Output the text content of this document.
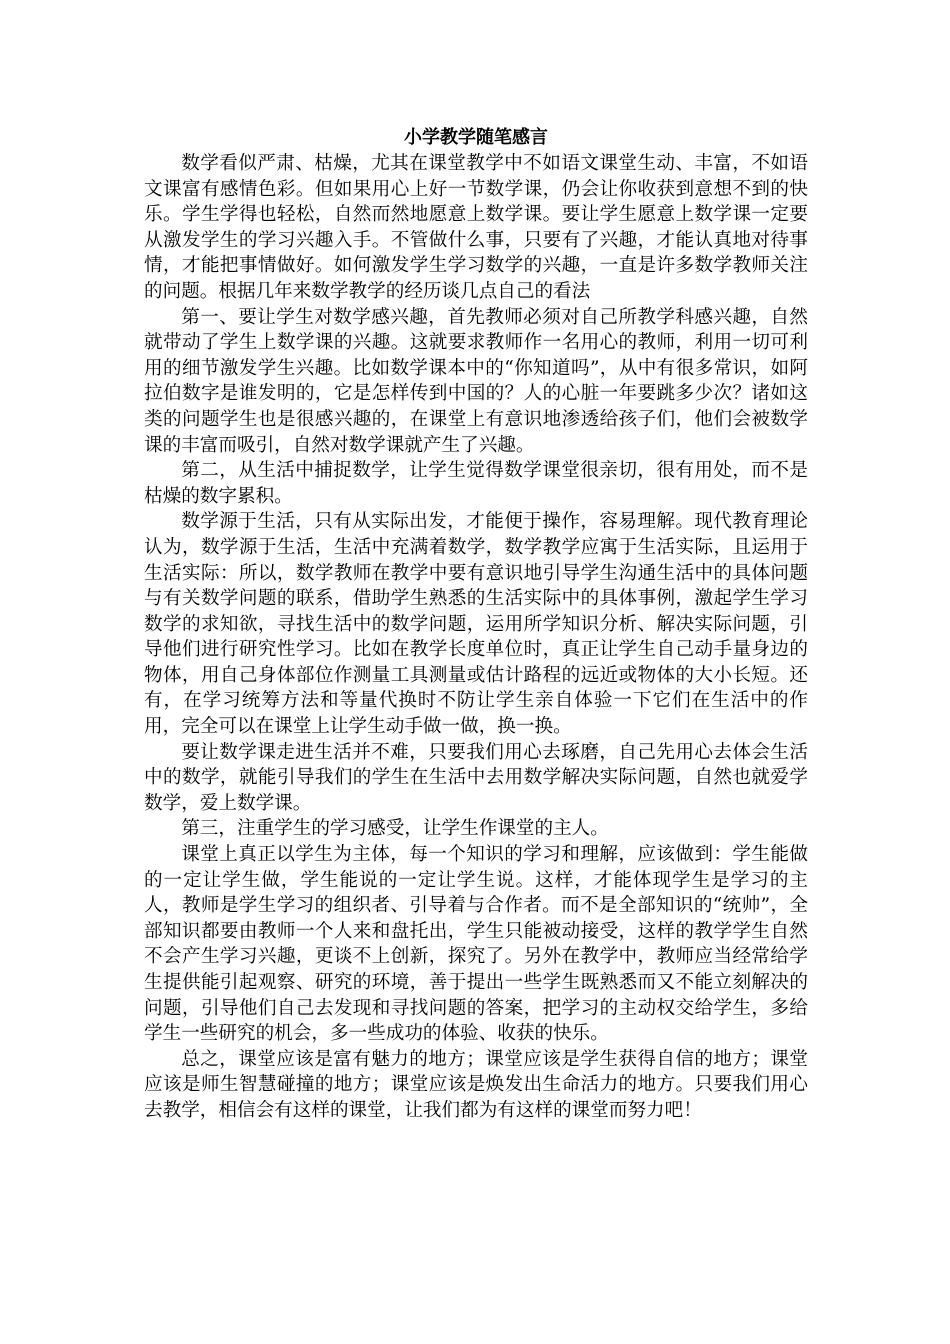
小学教学随笔感言

数学看似严肃、枯燥，尤其在课堂教学中不如语文课堂生动、丰富，不如语文课富有感情色彩。但如果用心上好一节数学课，仍会让你收获到意想不到的快乐。学生学得也轻松，自然而然地愿意上数学课。要让学生愿意上数学课一定要从激发学生的学习兴趣入手。不管做什么事，只要有了兴趣，才能认真地对待事情，才能把事情做好。如何激发学生学习数学的兴趣，一直是许多数学教师关注的问题。根据几年来数学教学的经历谈几点自己的看法

第一、要让学生对数学感兴趣，首先教师必须对自己所教学科感兴趣，自然就带动了学生上数学课的兴趣。这就要求教师作一名用心的教师，利用一切可利用的细节激发学生兴趣。比如数学课本中的“你知道吗”，从中有很多常识，如阿拉伯数字是谁发明的，它是怎样传到中国的？人的心脏一年要跳多少次？诸如这类的问题学生也是很感兴趣的，在课堂上有意识地渗透给孩子们，他们会被数学课的丰富而吸引，自然对数学课就产生了兴趣。

第二，从生活中捕捉数学，让学生觉得数学课堂很亲切，很有用处，而不是枯燥的数字累积。

数学源于生活，只有从实际出发，才能便于操作，容易理解。现代教育理论认为，数学源于生活，生活中充满着数学，数学教学应寓于生活实际，且运用于生活实际：所以，数学教师在教学中要有意识地引导学生沟通生活中的具体问题与有关数学问题的联系，借助学生熟悉的生活实际中的具体事例，激起学生学习数学的求知欲，寻找生活中的数学问题，运用所学知识分析、解决实际问题，引导他们进行研究性学习。比如在教学长度单位时，真正让学生自己动手量身边的物体，用自己身体部位作测量工具测量或估计路程的远近或物体的大小长短。还有，在学习统筹方法和等量代换时不防让学生亲自体验一下它们在生活中的作用，完全可以在课堂上让学生动手做一做，换一换。

要让数学课走进生活并不难，只要我们用心去琢磨，自己先用心去体会生活中的数学，就能引导我们的学生在生活中去用数学解决实际问题，自然也就爱学数学，爱上数学课。

第三，注重学生的学习感受，让学生作课堂的主人。

课堂上真正以学生为主体，每一个知识的学习和理解，应该做到：学生能做的一定让学生做，学生能说的一定让学生说。这样，才能体现学生是学习的主人，教师是学生学习的组织者、引导着与合作者。而不是全部知识的“统帅”，全部知识都要由教师一个人来和盘托出，学生只能被动接受，这样的教学学生自然不会产生学习兴趣，更谈不上创新，探究了。另外在教学中，教师应当经常给学生提供能引起观察、研究的环境，善于提出一些学生既熟悉而又不能立刻解决的问题，引导他们自己去发现和寻找问题的答案，把学习的主动权交给学生，多给学生一些研究的机会，多一些成功的体验、收获的快乐。

总之，课堂应该是富有魅力的地方；课堂应该是学生获得自信的地方；课堂应该是师生智慧碰撞的地方；课堂应该是焕发出生命活力的地方。只要我们用心去教学，相信会有这样的课堂，让我们都为有这样的课堂而努力吧！
